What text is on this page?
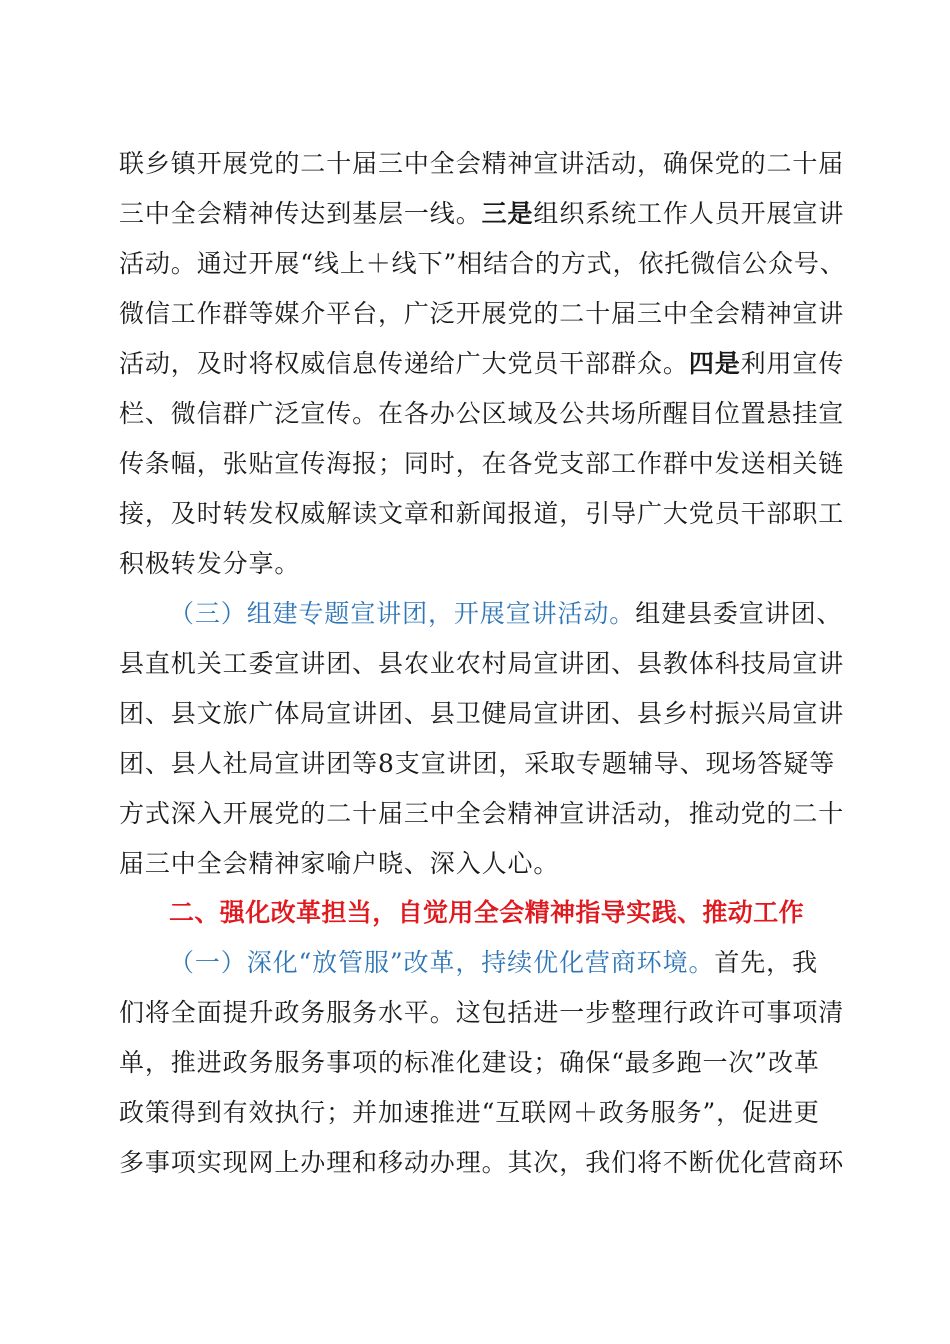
联乡镇开展党的二十届三中全会精神宣讲活动，确保党的二十届
三中全会精神传达到基层一线。三是组织系统工作人员开展宣讲
活动。通过开展“线上＋线下”相结合的方式，依托微信公众号、
微信工作群等媒介平台，广泛开展党的二十届三中全会精神宣讲
活动，及时将权威信息传递给广大党员干部群众。四是利用宣传
栏、微信群广泛宣传。在各办公区域及公共场所醒目位置悬挂宣
传条幅，张贴宣传海报；同时，在各党支部工作群中发送相关链
接，及时转发权威解读文章和新闻报道，引导广大党员干部职工
积极转发分享。
（三）组建专题宣讲团，开展宣讲活动。组建县委宣讲团、
县直机关工委宣讲团、县农业农村局宣讲团、县教体科技局宣讲
团、县文旅广体局宣讲团、县卫健局宣讲团、县乡村振兴局宣讲
团、县人社局宣讲团等8支宣讲团，采取专题辅导、现场答疑等
方式深入开展党的二十届三中全会精神宣讲活动，推动党的二十
届三中全会精神家喻户晓、深入人心。
二、强化改革担当，自觉用全会精神指导实践、推动工作
（一）深化“放管服”改革，持续优化营商环境。首先，我
们将全面提升政务服务水平。这包括进一步整理行政许可事项清
单，推进政务服务事项的标准化建设；确保“最多跑一次”改革
政策得到有效执行；并加速推进“互联网＋政务服务”，促进更
多事项实现网上办理和移动办理。其次，我们将不断优化营商环
